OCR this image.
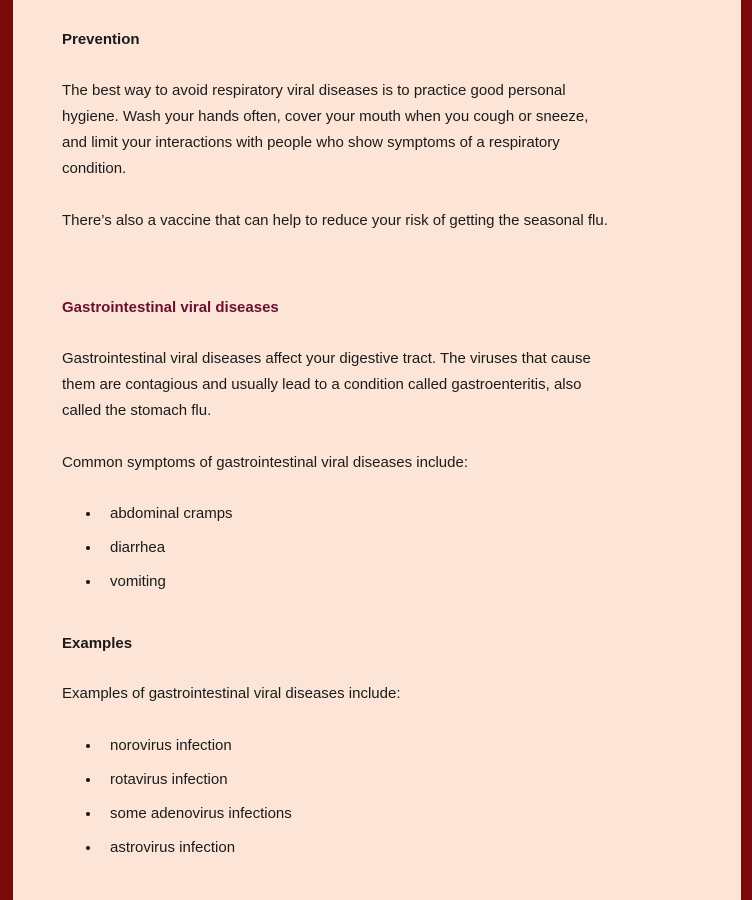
Prevention

The best way to avoid respiratory viral diseases is to practice good personal
hygiene. Wash your hands often, cover your mouth when you cough or sneeze,
and limit your interactions with people who show symptoms of a respiratory
condition.

There’s also a vaccine that can help to reduce your risk of getting the seasonal flu.

Gastrointestinal viral diseases

Gastrointestinal viral diseases affect your digestive tract. The viruses that cause
them are contagious and usually lead to a condition called gastroenteritis, also
called the stomach flu.

Common symptoms of gastrointestinal viral diseases include:

abdominal cramps
diarrhea
vomiting
Examples

Examples of gastrointestinal viral diseases include:

norovirus infection
rotavirus infection
some adenovirus infections
astrovirus infection
